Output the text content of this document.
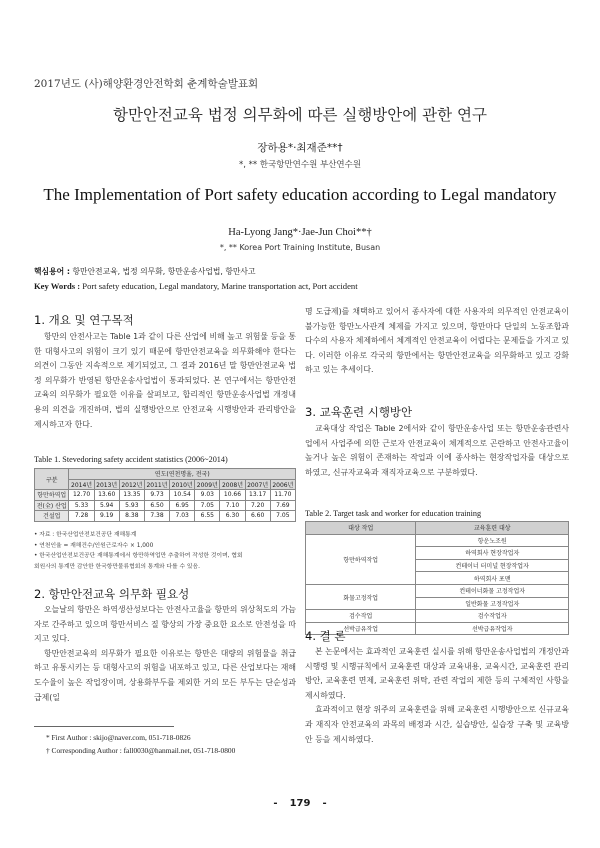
2017년도 (사)해양환경안전학회 춘계학술발표회
항만안전교육 법정 의무화에 따른 실행방안에 관한 연구
장하용*·최재준**†
*, ** 한국항만연수원 부산연수원
The Implementation of Port safety education according to Legal mandatory
Ha-Lyong Jang*·Jae-Jun Choi**†
*, ** Korea Port Training Institute, Busan
핵심용어 : 항만안전교육, 법정 의무화, 항만운송사업법, 항만사고
Key Words : Port safety education, Legal mandatory, Marine transportation act, Port accident
1. 개요 및 연구목적

항만의 안전사고는 Table 1과 같이 다른 산업에 비해 높고 위험물 등을 통한 대형사고의 위험이 크기 있기 때문에 항만안전교육을 의무화해야 한다는 의견이 그동안 지속적으로 제기되었고, 그 결과 2016년 말 항만안전교육 법정 의무화가 반영된 항만운송사업법이 통과되었다. 본 연구에서는 항만안전교육의 의무화가 필요한 이유를 살펴보고, 합리적인 항만운송사업법 개정내용의 의견을 개진하며, 법의 실행방안으로 안전교육 시행방안과 관리방안을 제시하고자 한다.

Table 1. Stevedoring safety accident statistics (2006~2014)
구분	연도(연천명율, 전국)								
	2014년	2013년	2012년	2011년	2010년	2009년	2008년	2007년	2006년
항만하역업	12.70	13.60	13.35	9.73	10.54	9.03	10.66	13.17	11.70
전(全) 산업	5.33	5.94	5.93	6.50	6.95	7.05	7.10	7.20	7.69
건설업	7.28	9.19	8.38	7.38	7.03	6.55	6.30	6.60	7.05
• 자료 : 한국산업안전보건공단 재해통계
• 연천인율 = 재해건수/인원근로자수 × 1,000
• 한국산업안전보건공단 재해통계에서 항만하역업만 추출하여 작성한 것이며, 협회
회원사의 통계만 감안한 한국항만물류협회의 통계와 다를 수 있음.
2. 항만안전교육 의무화 필요성

오늘날의 항만은 하역생산성보다는 안전사고율을 항만의 위상척도의 가늠자로 간주하고 있으며 항만서비스 질 향상의 가장 중요한 요소로 안전성을 따지고 있다.

항만안전교육의 의무화가 필요한 이유로는 항만은 대량의 위험물을 취급하고 유통시키는 등 대형사고의 위험을 내포하고 있고, 다른 산업보다는 재해도수율이 높은 작업장이며, 상용화부두를 제외한 거의 모든 부두는 단순성과급제(일

* First Author : skijo@naver.com, 051-718-0826
† Corresponding Author : fall0030@hanmail.net, 051-718-0800

명 도급제)를 채택하고 있어서 종사자에 대한 사용자의 의무적인 안전교육이 불가능한 항만노사관계 체제를 가지고 있으며, 항만마다 단일의 노동조합과 다수의 사용자 체제하에서 체계적인 안전교육이 어렵다는 문제들을 가지고 있다. 이러한 이유로 각국의 항만에서는 항만안전교육을 의무화하고 있고 강화하고 있는 추세이다.

3. 교육훈련 시행방안

교육대상 작업은 Table 2에서와 같이 항만운송사업 또는 항만운송관련사업에서 사업주에 의한 근로자 안전교육이 체계적으로 곤란하고 안전사고율이 높거나 높은 위험이 존재하는 작업과 이에 종사하는 현장작업자를 대상으로 하였고, 신규자교육과 재직자교육으로 구분하였다.

Table 2. Target task and worker for education training
대상 작업	교육훈련 대상
항만하역작업	항운노조원
	하역회사 현장작업자
	컨테이너 터미널 현장작업자
	하역회사 포맨
화물고정작업	컨테이너화물 고정작업자
	일반화물 고정작업자
검수작업	검수작업자
선박급유작업	선박급유작업자
4. 결 론

본 논문에서는 효과적인 교육훈련 실시를 위해 항만운송사업법의 개정안과 시행령 및 시행규칙에서 교육훈련 대상과 교육내용, 교육시간, 교육훈련 관리방안, 교육훈련 면제, 교육훈련 위탁, 관련 작업의 제한 등의 구체적인 사항을 제시하였다.

효과적이고 현장 위주의 교육훈련을 위해 교육훈련 시행방안으로 신규교육과 재직자 안전교육의 과목의 배정과 시간, 실습방안, 실습장 구축 및 교육방안 등을 제시하였다.

- 179 -
